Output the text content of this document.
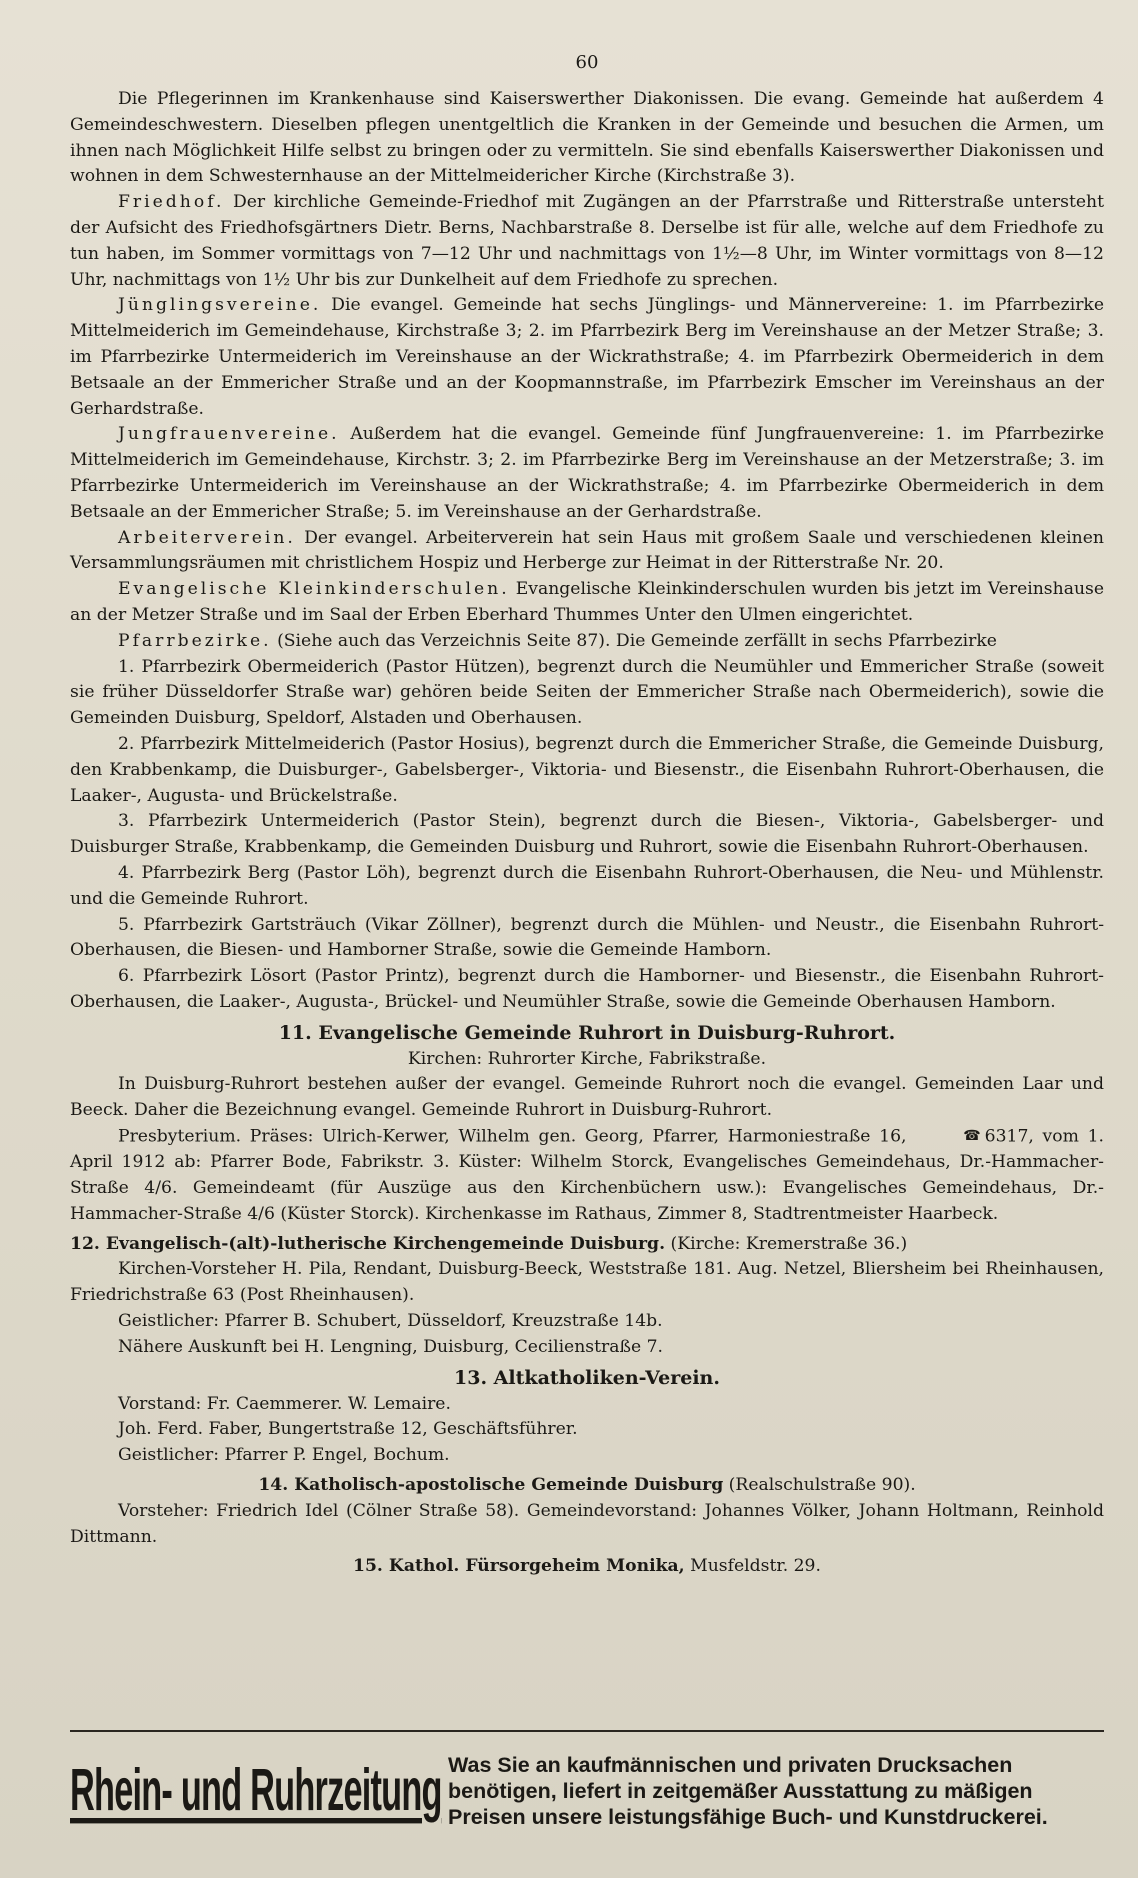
60

Die Pflegerinnen im Krankenhause sind Kaiserswerther Diakonissen. Die evang. Gemeinde hat außerdem 4 Gemeindeschwestern. Dieselben pflegen unentgeltlich die Kranken in der Gemeinde und besuchen die Armen, um ihnen nach Möglichkeit Hilfe selbst zu bringen oder zu vermitteln. Sie sind ebenfalls Kaiserswerther Diakonissen und wohnen in dem Schwesternhause an der Mittelmeidericher Kirche (Kirchstraße 3).

Friedhof. Der kirchliche Gemeinde-Friedhof mit Zugängen an der Pfarrstraße und Ritterstraße untersteht der Aufsicht des Friedhofsgärtners Dietr. Berns, Nachbarstraße 8. Derselbe ist für alle, welche auf dem Friedhofe zu tun haben, im Sommer vormittags von 7—12 Uhr und nachmittags von 1½—8 Uhr, im Winter vormittags von 8—12 Uhr, nachmittags von 1½ Uhr bis zur Dunkelheit auf dem Friedhofe zu sprechen.

Jünglingsvereine. Die evangel. Gemeinde hat sechs Jünglings- und Männervereine: 1. im Pfarrbezirke Mittelmeiderich im Gemeindehause, Kirchstraße 3; 2. im Pfarrbezirk Berg im Vereinshause an der Metzer Straße; 3. im Pfarrbezirke Untermeiderich im Vereinshause an der Wickrathstraße; 4. im Pfarrbezirk Obermeiderich in dem Betsaale an der Emmericher Straße und an der Koopmannstraße, im Pfarrbezirk Emscher im Vereinshaus an der Gerhardstraße.

Jungfrauenvereine. Außerdem hat die evangel. Gemeinde fünf Jungfrauenvereine: 1. im Pfarrbezirke Mittelmeiderich im Gemeindehause, Kirchstr. 3; 2. im Pfarrbezirke Berg im Vereinshause an der Metzerstraße; 3. im Pfarrbezirke Untermeiderich im Vereinshause an der Wickrathstraße; 4. im Pfarrbezirke Obermeiderich in dem Betsaale an der Emmericher Straße; 5. im Vereinshause an der Gerhardstraße.

Arbeiterverein. Der evangel. Arbeiterverein hat sein Haus mit großem Saale und verschiedenen kleinen Versammlungsräumen mit christlichem Hospiz und Herberge zur Heimat in der Ritterstraße Nr. 20.

Evangelische Kleinkinderschulen. Evangelische Kleinkinderschulen wurden bis jetzt im Vereinshause an der Metzer Straße und im Saal der Erben Eberhard Thummes Unter den Ulmen eingerichtet.

Pfarrbezirke. (Siehe auch das Verzeichnis Seite 87). Die Gemeinde zerfällt in sechs Pfarrbezirke

1. Pfarrbezirk Obermeiderich (Pastor Hützen), begrenzt durch die Neumühler und Emmericher Straße (soweit sie früher Düsseldorfer Straße war) gehören beide Seiten der Emmericher Straße nach Obermeiderich), sowie die Gemeinden Duisburg, Speldorf, Alstaden und Oberhausen.

2. Pfarrbezirk Mittelmeiderich (Pastor Hosius), begrenzt durch die Emmericher Straße, die Gemeinde Duisburg, den Krabbenkamp, die Duisburger-, Gabelsberger-, Viktoria- und Biesenstr., die Eisenbahn Ruhrort-Oberhausen, die Laaker-, Augusta- und Brückelstraße.

3. Pfarrbezirk Untermeiderich (Pastor Stein), begrenzt durch die Biesen-, Viktoria-, Gabelsberger- und Duisburger Straße, Krabbenkamp, die Gemeinden Duisburg und Ruhrort, sowie die Eisenbahn Ruhrort-Oberhausen.

4. Pfarrbezirk Berg (Pastor Löh), begrenzt durch die Eisenbahn Ruhrort-Oberhausen, die Neu- und Mühlenstr. und die Gemeinde Ruhrort.

5. Pfarrbezirk Gartsträuch (Vikar Zöllner), begrenzt durch die Mühlen- und Neustr., die Eisenbahn Ruhrort-Oberhausen, die Biesen- und Hamborner Straße, sowie die Gemeinde Hamborn.

6. Pfarrbezirk Lösort (Pastor Printz), begrenzt durch die Hamborner- und Biesenstr., die Eisenbahn Ruhrort-Oberhausen, die Laaker-, Augusta-, Brückel- und Neumühler Straße, sowie die Gemeinde Oberhausen Hamborn.

11. Evangelische Gemeinde Ruhrort in Duisburg-Ruhrort.

Kirchen: Ruhrorter Kirche, Fabrikstraße.

In Duisburg-Ruhrort bestehen außer der evangel. Gemeinde Ruhrort noch die evangel. Gemeinden Laar und Beeck. Daher die Bezeichnung evangel. Gemeinde Ruhrort in Duisburg-Ruhrort.

Presbyterium. Präses: Ulrich-Kerwer, Wilhelm gen. Georg, Pfarrer, Harmoniestraße 16,	☎ 6317, vom 1. April 1912 ab: Pfarrer Bode, Fabrikstr. 3. Küster: Wilhelm Storck, Evangelisches Gemeindehaus, Dr.-Hammacher-Straße 4/6. Gemeindeamt (für Auszüge aus den Kirchenbüchern usw.): Evangelisches Gemeindehaus, Dr.-Hammacher-Straße 4/6 (Küster Storck). Kirchenkasse im Rathaus, Zimmer 8, Stadtrentmeister Haarbeck.

12. Evangelisch-(alt)-lutherische Kirchengemeinde Duisburg. (Kirche: Kremerstraße 36.)

Kirchen-Vorsteher H. Pila, Rendant, Duisburg-Beeck, Weststraße 181. Aug. Netzel, Bliersheim bei Rheinhausen, Friedrichstraße 63 (Post Rheinhausen).

Geistlicher: Pfarrer B. Schubert, Düsseldorf, Kreuzstraße 14b.

Nähere Auskunft bei H. Lengning, Duisburg, Cecilienstraße 7.

13. Altkatholiken-Verein.

Vorstand: Fr. Caemmerer. W. Lemaire.

Joh. Ferd. Faber, Bungertstraße 12, Geschäftsführer.

Geistlicher: Pfarrer P. Engel, Bochum.

14. Katholisch-apostolische Gemeinde Duisburg (Realschulstraße 90).

Vorsteher: Friedrich Idel (Cölner Straße 58). Gemeindevorstand: Johannes Völker, Johann Holtmann, Reinhold Dittmann.

15. Kathol. Fürsorgeheim Monika, Musfeldstr. 29.

Rhein- und Ruhrzeitung Was Sie an kaufmännischen und privaten Drucksachen benötigen, liefert in zeitgemäßer Ausstattung zu mäßigen Preisen unsere leistungsfähige Buch- und Kunstdruckerei.
